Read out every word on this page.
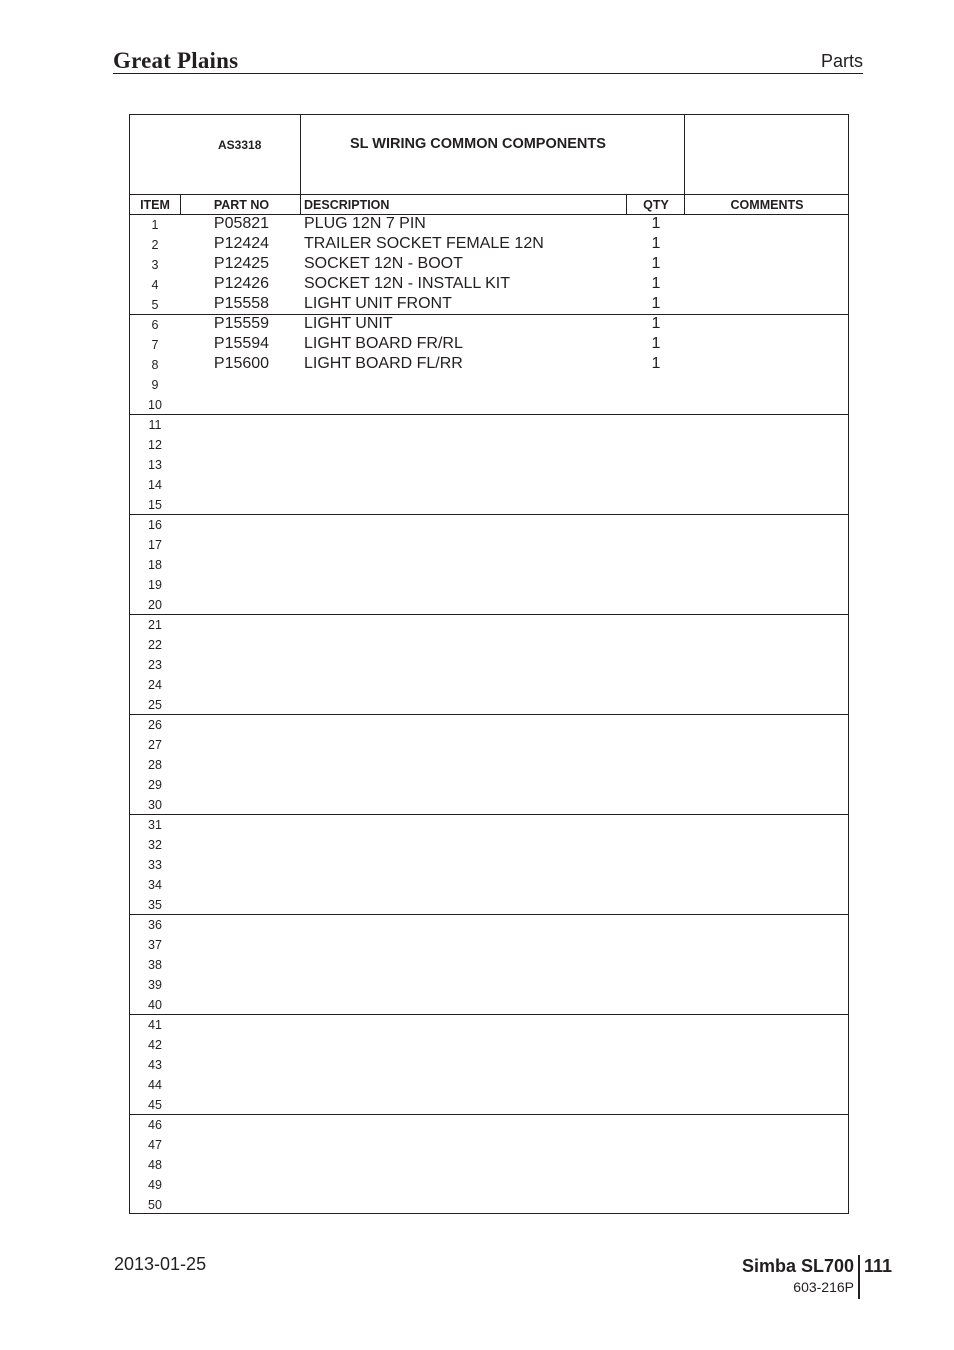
Great Plains	Parts
AS3318	SL WIRING COMMON COMPONENTS
ITEM	PART NO	DESCRIPTION	QTY	COMMENTS
1	P05821	PLUG 12N 7 PIN	1
2	P12424	TRAILER SOCKET FEMALE 12N	1
3	P12425	SOCKET 12N - BOOT	1
4	P12426	SOCKET 12N - INSTALL KIT	1
5	P15558	LIGHT UNIT FRONT	1
6	P15559	LIGHT UNIT	1
7	P15594	LIGHT BOARD FR/RL	1
8	P15600	LIGHT BOARD FL/RR	1
9
10
11
12
13
14
15
16
17
18
19
20
21
22
23
24
25
26
27
28
29
30
31
32
33
34
35
36
37
38
39
40
41
42
43
44
45
46
47
48
49
50
2013-01-25	Simba SL700 111
603-216P
